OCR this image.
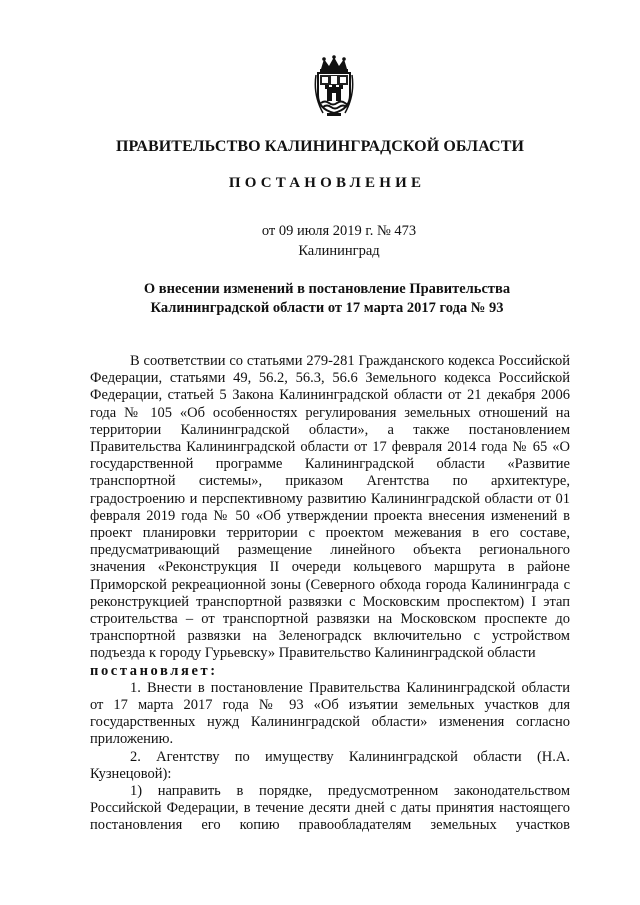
ПРАВИТЕЛЬСТВО КАЛИНИНГРАДСКОЙ ОБЛАСТИ
ПОСТАНОВЛЕНИЕ
от 09 июля 2019 г. № 473
Калининград
О внесении изменений в постановление Правительства
Калининградской области от 17 марта 2017 года № 93

В соответствии со статьями 279-281 Гражданского кодекса Российской Федерации, статьями 49, 56.2, 56.3, 56.6 Земельного кодекса Российской Федерации, статьей 5 Закона Калининградской области от 21 декабря 2006 года № 105 «Об особенностях регулирования земельных отношений на территории Калининградской области», а также постановлением Правительства Калининградской области от 17 февраля 2014 года № 65 «О государственной программе Калининградской области «Развитие транспортной системы», приказом Агентства по архитектуре, градостроению и перспективному развитию Калининградской области от 01 февраля 2019 года № 50 «Об утверждении проекта внесения изменений в проект планировки территории с проектом межевания в его составе, предусматривающий размещение линейного объекта регионального значения «Реконструкция II очереди кольцевого маршрута в районе Приморской рекреационной зоны (Северного обхода города Калининграда с реконструкцией транспортной развязки с Московским проспектом) I этап строительства – от транспортной развязки на Московском проспекте до транспортной развязки на Зеленоградск включительно с устройством подъезда к городу Гурьевску» Правительство Калининградской области
постановляет:

1. Внести в постановление Правительства Калининградской области от 17 марта 2017 года № 93 «Об изъятии земельных участков для государственных нужд Калининградской области» изменения согласно приложению.

2. Агентству по имуществу Калининградской области (Н.А. Кузнецовой):

1) направить в порядке, предусмотренном законодательством Российской Федерации, в течение десяти дней с даты принятия настоящего постановления его копию правообладателям земельных участков
